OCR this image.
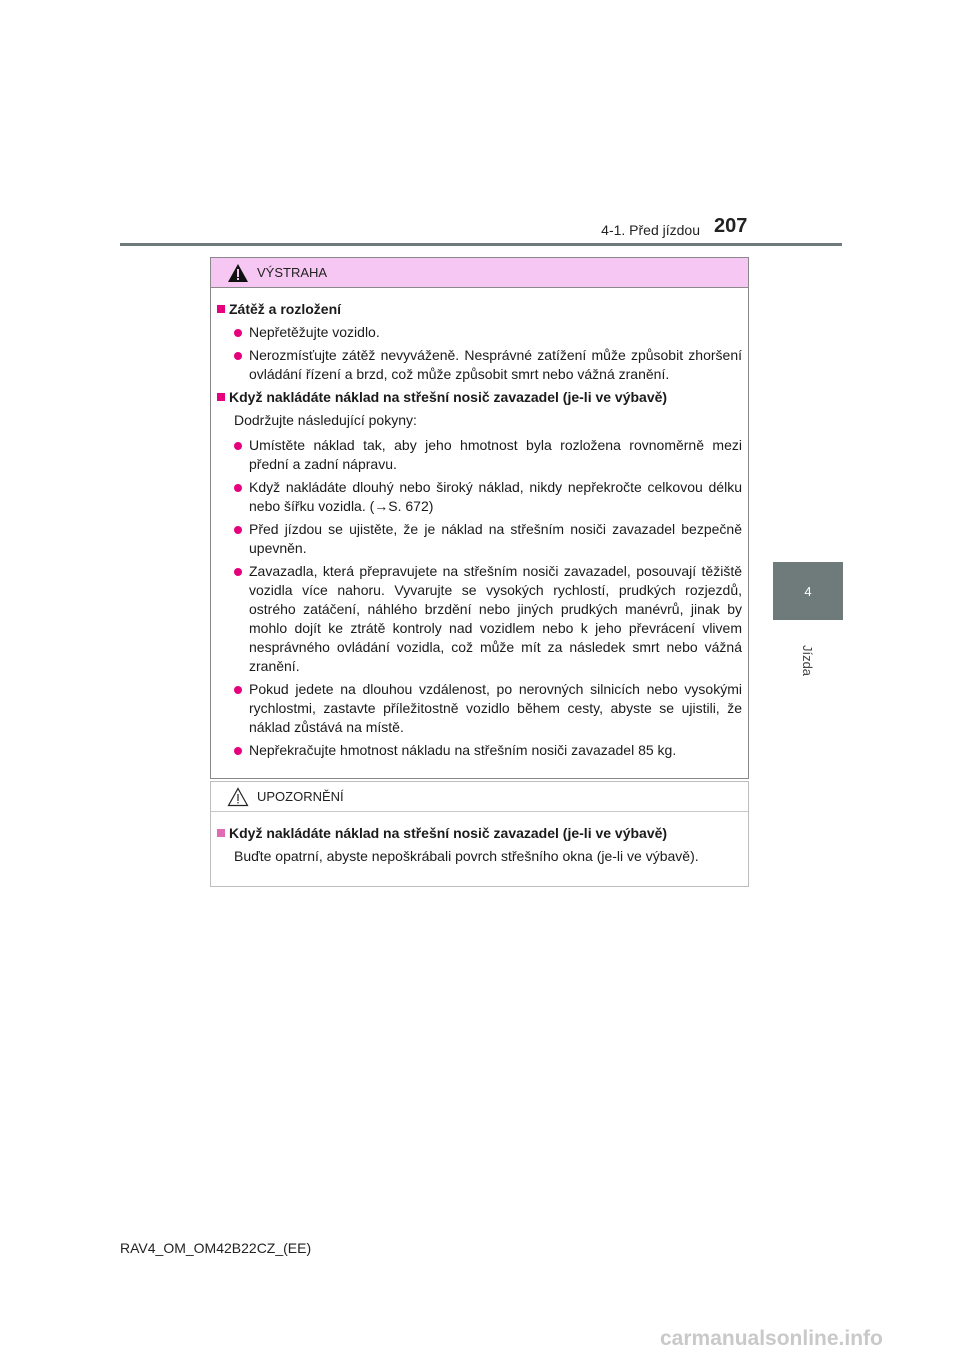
4-1. Před jízdou 207
4
Jízda
VÝSTRAHA
Zátěž a rozložení
Nepřetěžujte vozidlo.
Nerozmísťujte zátěž nevyváženě. Nesprávné zatížení může způsobit zhoršení ovládání řízení a brzd, což může způsobit smrt nebo vážná zranění.
Když nakládáte náklad na střešní nosič zavazadel (je-li ve výbavě)
Dodržujte následující pokyny:
Umístěte náklad tak, aby jeho hmotnost byla rozložena rovnoměrně mezi přední a zadní nápravu.
Když nakládáte dlouhý nebo široký náklad, nikdy nepřekročte celkovou délku nebo šířku vozidla. (→S. 672)
Před jízdou se ujistěte, že je náklad na střešním nosiči zavazadel bezpečně upevněn.
Zavazadla, která přepravujete na střešním nosiči zavazadel, posouvají těžiště vozidla více nahoru. Vyvarujte se vysokých rychlostí, prudkých rozjezdů, ostrého zatáčení, náhlého brzdění nebo jiných prudkých manévrů, jinak by mohlo dojít ke ztrátě kontroly nad vozidlem nebo k jeho převrácení vlivem nesprávného ovládání vozidla, což může mít za následek smrt nebo vážná zranění.
Pokud jedete na dlouhou vzdálenost, po nerovných silnicích nebo vysokými rychlostmi, zastavte příležitostně vozidlo během cesty, abyste se ujistili, že náklad zůstává na místě.
Nepřekračujte hmotnost nákladu na střešním nosiči zavazadel 85 kg.
UPOZORNĚNÍ
Když nakládáte náklad na střešní nosič zavazadel (je-li ve výbavě)
Buďte opatrní, abyste nepoškrábali povrch střešního okna (je-li ve výbavě).
RAV4_OM_OM42B22CZ_(EE)
carmanualsonline.info
